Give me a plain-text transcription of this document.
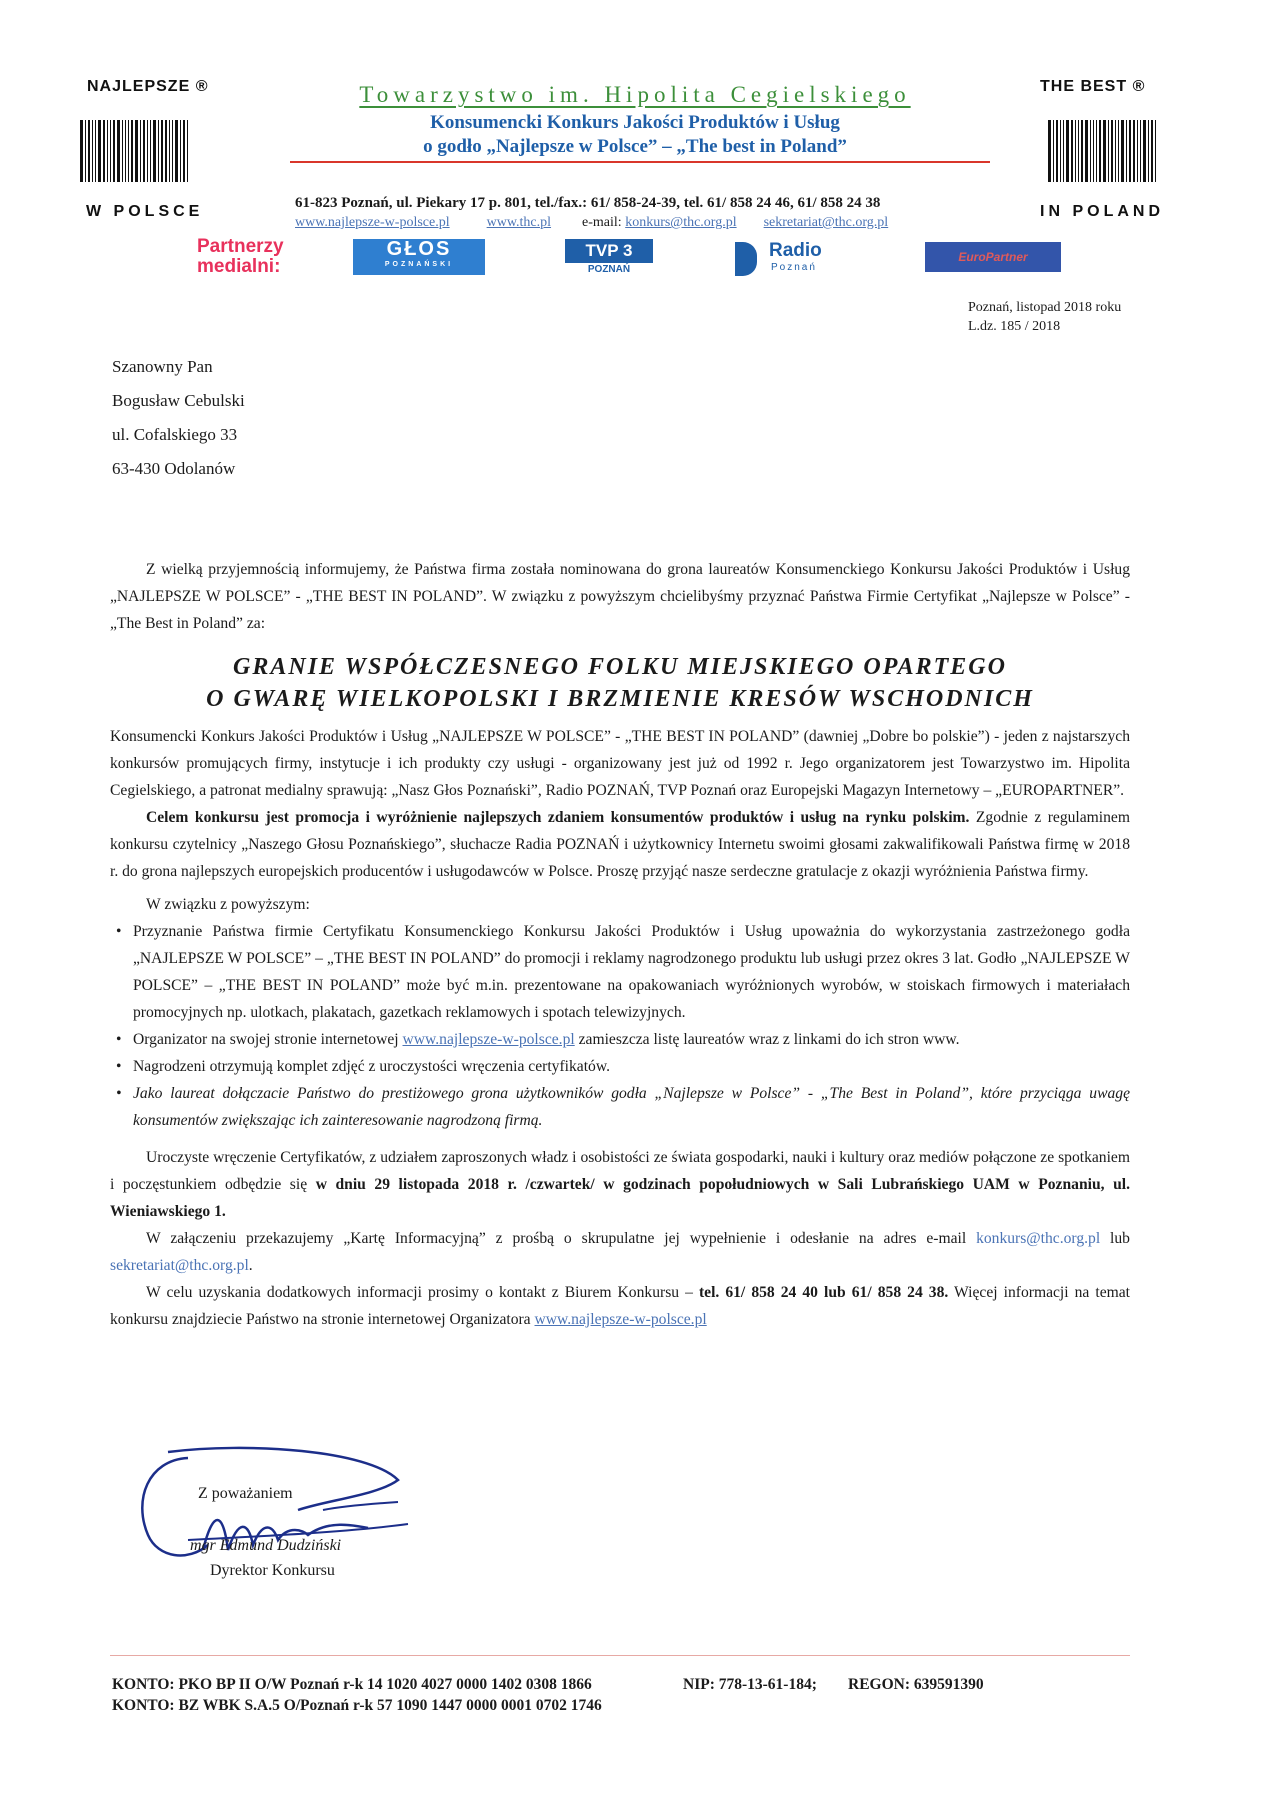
NAJLEPSZE ®
W POLSCE
THE BEST ®
IN POLAND
Towarzystwo im. Hipolita Cegielskiego
Konsumencki Konkurs Jakości Produktów i Usług
o godło „Najlepsze w Polsce” – „The best in Poland”
61-823 Poznań, ul. Piekary 17 p. 801, tel./fax.: 61/ 858-24-39, tel. 61/ 858 24 46, 61/ 858 24 38
www.najlepsze-w-polsce.pl	www.thc.pl e-mail: konkurs@thc.org.pl sekretariat@thc.org.pl
Partnerzy
medialni:
GŁOS
POZNAŃSKI
TVP 3
POZNAŃ
Radio
Poznań
EuroPartner
Poznań, listopad 2018 roku
L.dz. 185 / 2018
Szanowny Pan
Bogusław Cebulski
ul. Cofalskiego 33
63-430 Odolanów

Z wielką przyjemnością informujemy, że Państwa firma została nominowana do grona laureatów Konsumenckiego Konkursu Jakości Produktów i Usług „NAJLEPSZE W POLSCE” - „THE BEST IN POLAND”. W związku z powyższym chcielibyśmy przyznać Państwa Firmie Certyfikat „Najlepsze w Polsce” - „The Best in Poland” za:

GRANIE WSPÓŁCZESNEGO FOLKU MIEJSKIEGO OPARTEGO
O GWARĘ WIELKOPOLSKI I BRZMIENIE KRESÓW WSCHODNICH

Konsumencki Konkurs Jakości Produktów i Usług „NAJLEPSZE W POLSCE” - „THE BEST IN POLAND” (dawniej „Dobre bo polskie”) - jeden z najstarszych konkursów promujących firmy, instytucje i ich produkty czy usługi - organizowany jest już od 1992 r. Jego organizatorem jest Towarzystwo im. Hipolita Cegielskiego, a patronat medialny sprawują: „Nasz Głos Poznański”, Radio POZNAŃ, TVP Poznań oraz Europejski Magazyn Internetowy – „EUROPARTNER”.

Celem konkursu jest promocja i wyróżnienie najlepszych zdaniem konsumentów produktów i usług na rynku polskim. Zgodnie z regulaminem konkursu czytelnicy „Naszego Głosu Poznańskiego”, słuchacze Radia POZNAŃ i użytkownicy Internetu swoimi głosami zakwalifikowali Państwa firmę w 2018 r. do grona najlepszych europejskich producentów i usługodawców w Polsce. Proszę przyjąć nasze serdeczne gratulacje z okazji wyróżnienia Państwa firmy.

W związku z powyższym:

• Przyznanie Państwa firmie Certyfikatu Konsumenckiego Konkursu Jakości Produktów i Usług upoważnia do wykorzystania zastrzeżonego godła „NAJLEPSZE W POLSCE” – „THE BEST IN POLAND” do promocji i reklamy nagrodzonego produktu lub usługi przez okres 3 lat. Godło „NAJLEPSZE W POLSCE” – „THE BEST IN POLAND” może być m.in. prezentowane na opakowaniach wyróżnionych wyrobów, w stoiskach firmowych i materiałach promocyjnych np. ulotkach, plakatach, gazetkach reklamowych i spotach telewizyjnych.
• Organizator na swojej stronie internetowej www.najlepsze-w-polsce.pl zamieszcza listę laureatów wraz z linkami do ich stron www.
• Nagrodzeni otrzymują komplet zdjęć z uroczystości wręczenia certyfikatów.
• Jako laureat dołączacie Państwo do prestiżowego grona użytkowników godła „Najlepsze w Polsce” - „The Best in Poland”, które przyciąga uwagę konsumentów zwiększając ich zainteresowanie nagrodzoną firmą.

Uroczyste wręczenie Certyfikatów, z udziałem zaproszonych władz i osobistości ze świata gospodarki, nauki i kultury oraz mediów połączone ze spotkaniem i poczęstunkiem odbędzie się w dniu 29 listopada 2018 r. /czwartek/ w godzinach popołudniowych w Sali Lubrańskiego UAM w Poznaniu, ul. Wieniawskiego 1.

W załączeniu przekazujemy „Kartę Informacyjną” z prośbą o skrupulatne jej wypełnienie i odesłanie na adres e-mail konkurs@thc.org.pl lub sekretariat@thc.org.pl.

W celu uzyskania dodatkowych informacji prosimy o kontakt z Biurem Konkursu – tel. 61/ 858 24 40 lub 61/ 858 24 38. Więcej informacji na temat konkursu znajdziecie Państwo na stronie internetowej Organizatora www.najlepsze-w-polsce.pl

Z poważaniem
mgr Edmund Dudziński
Dyrektor Konkursu
KONTO: PKO BP II O/W Poznań r-k 14 1020 4027 0000 1402 0308 1866	NIP: 778-13-61-184; REGON: 639591390
KONTO: BZ WBK S.A.5 O/Poznań r-k 57 1090 1447 0000 0001 0702 1746
